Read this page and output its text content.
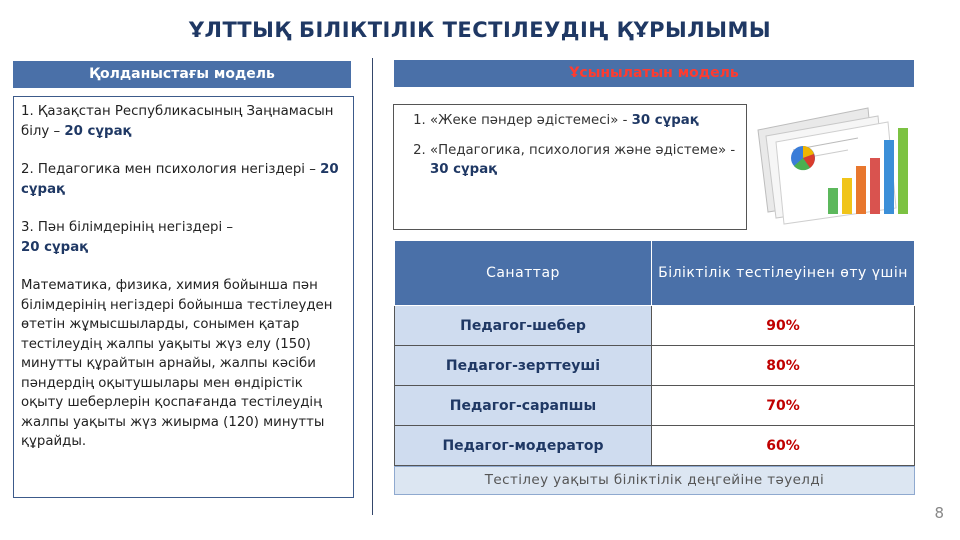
ҰЛТТЫҚ БІЛІКТІЛІК ТЕСТІЛЕУДІҢ ҚҰРЫЛЫМЫ
Қолданыстағы модель	Ұсынылатын модель

1. Қазақстан Республикасының Заңнамасын білу – 20 сұрақ

2. Педагогика мен психология негіздері – 20 сұрақ

3. Пән білімдерінің негіздері –
20 сұрақ

Математика, физика, химия бойынша пән білімдерінің негіздері бойынша тестілеуден өтетін жұмысшыларды, сонымен қатар тестілеудің жалпы уақыты жүз елу (150) минутты құрайтын арнайы, жалпы кәсіби пәндердің оқытушылары мен өндірістік оқыту шеберлерін қоспағанда тестілеудің жалпы уақыты жүз жиырма (120) минутты құрайды.

1. «Жеке пәндер әдістемесі» - 30 сұрақ
2. «Педагогика, психология және әдістеме» - 30 сұрақ
Санаттар	Біліктілік тестілеуінен өту үшін
Педагог-шебер	90%
Педагог-зерттеуші	80%
Педагог-сарапшы	70%
Педагог-модератор	60%
Тестілеу уақыты біліктілік деңгейіне тәуелді
8
